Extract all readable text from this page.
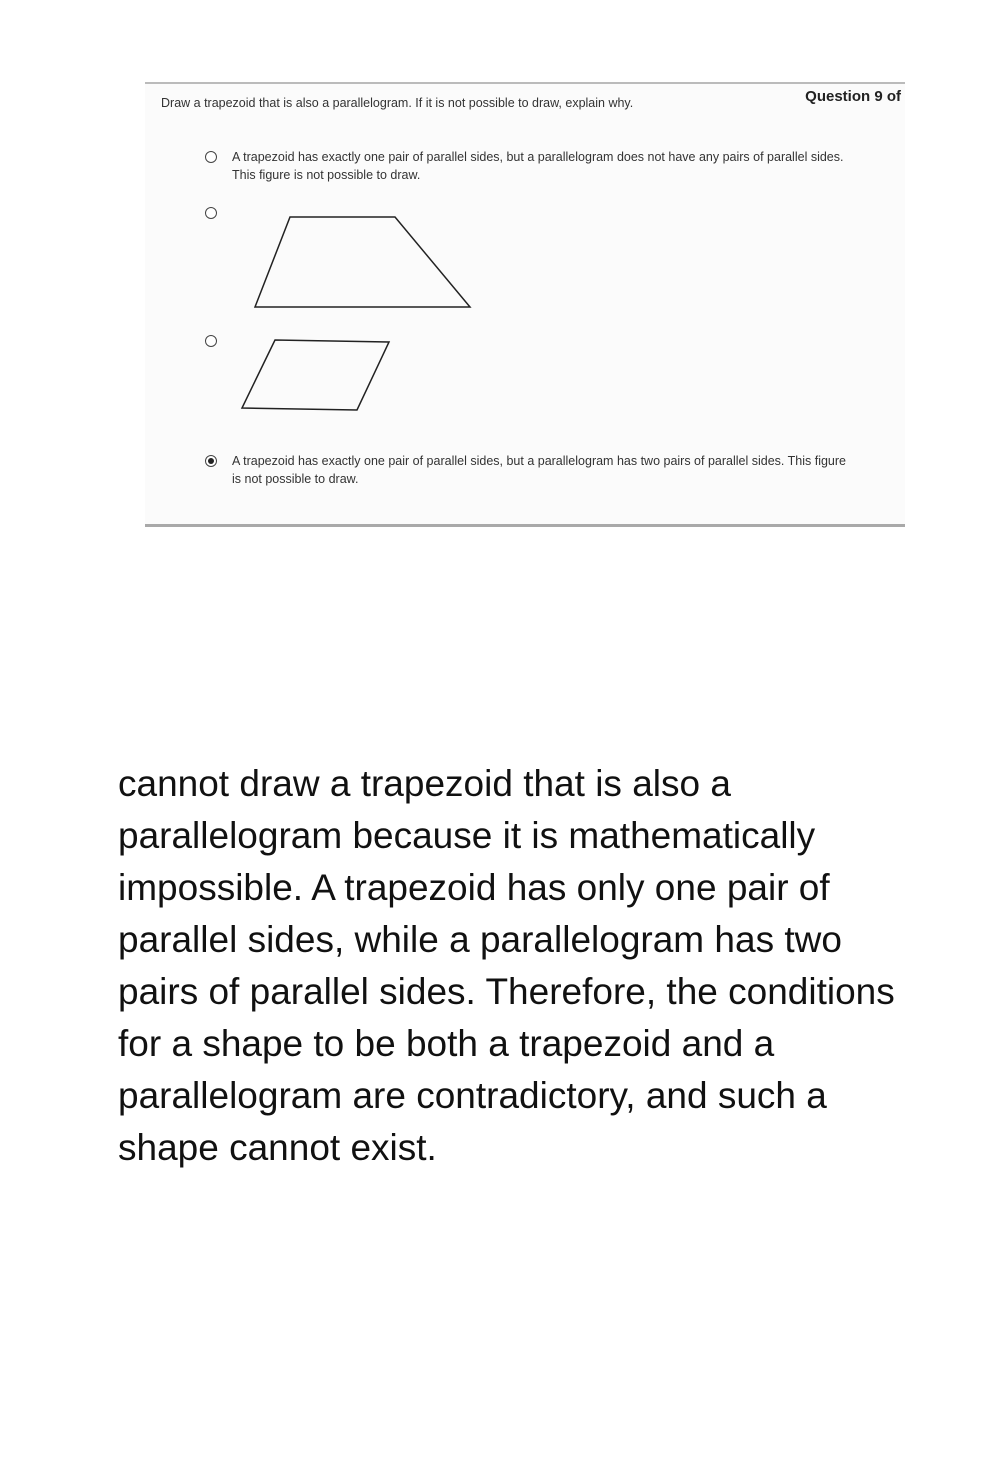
Question 9 of
Draw a trapezoid that is also a parallelogram. If it is not possible to draw, explain why.
A trapezoid has exactly one pair of parallel sides, but a parallelogram does not have any pairs of parallel sides. This figure is not possible to draw.
A trapezoid has exactly one pair of parallel sides, but a parallelogram has two pairs of parallel sides. This figure is not possible to draw.
cannot draw a trapezoid that is also a parallelogram because it is mathematically impossible. A trapezoid has only one pair of parallel sides, while a parallelogram has two pairs of parallel sides. Therefore, the conditions for a shape to be both a trapezoid and a parallelogram are contradictory, and such a shape cannot exist.
